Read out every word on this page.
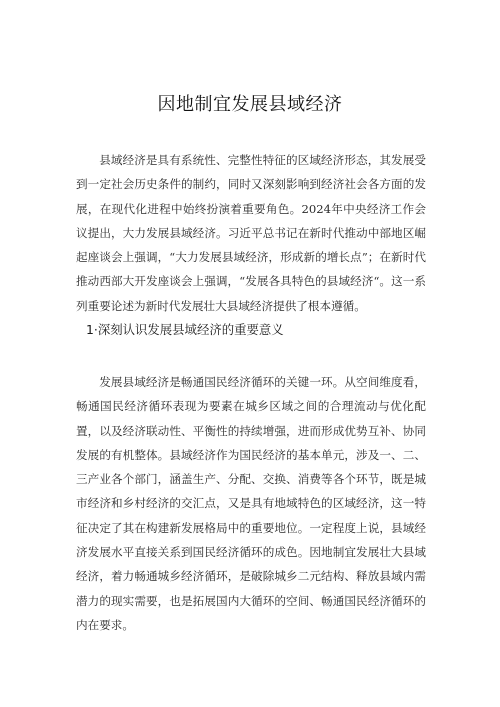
因地制宜发展县域经济

县域经济是具有系统性、完整性特征的区域经济形态，其发展受到一定社会历史条件的制约，同时又深刻影响到经济社会各方面的发展，在现代化进程中始终扮演着重要角色。2024年中央经济工作会议提出，大力发展县域经济。习近平总书记在新时代推动中部地区崛起座谈会上强调，“大力发展县域经济，形成新的增长点”；在新时代推动西部大开发座谈会上强调，“发展各具特色的县域经济“。这一系列重要论述为新时代发展壮大县域经济提供了根本遵循。

1·深刻认识发展县域经济的重要意义

发展县域经济是畅通国民经济循环的关键一环。从空间维度看，畅通国民经济循环表现为要素在城乡区域之间的合理流动与优化配置，以及经济联动性、平衡性的持续增强，进而形成优势互补、协同发展的有机整体。县域经济作为国民经济的基本单元，涉及一、二、三产业各个部门，涵盖生产、分配、交换、消费等各个环节，既是城市经济和乡村经济的交汇点，又是具有地域特色的区域经济，这一特征决定了其在构建新发展格局中的重要地位。一定程度上说，县域经济发展水平直接关系到国民经济循环的成色。因地制宜发展壮大县域经济，着力畅通城乡经济循环，是破除城乡二元结构、释放县域内需潜力的现实需要，也是拓展国内大循环的空间、畅通国民经济循环的内在要求。
